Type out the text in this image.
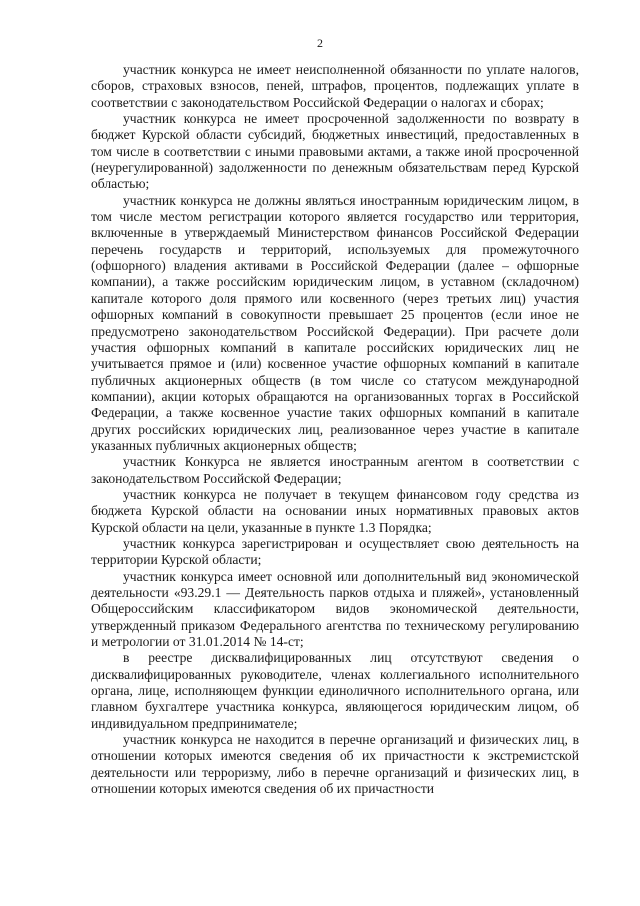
2

участник конкурса не имеет неисполненной обязанности по уплате налогов, сборов, страховых взносов, пеней, штрафов, процентов, подлежащих уплате в соответствии с законодательством Российской Федерации о налогах и сборах;

участник конкурса не имеет просроченной задолженности по возврату в бюджет Курской области субсидий, бюджетных инвестиций, предоставленных в том числе в соответствии с иными правовыми актами, а также иной просроченной (неурегулированной) задолженности по денежным обязательствам перед Курской областью;

участник конкурса не должны являться иностранным юридическим лицом, в том числе местом регистрации которого является государство или территория, включенные в утверждаемый Министерством финансов Российской Федерации перечень государств и территорий, используемых для промежуточного (офшорного) владения активами в Российской Федерации (далее – офшорные компании), а также российским юридическим лицом, в уставном (складочном) капитале которого доля прямого или косвенного (через третьих лиц) участия офшорных компаний в совокупности превышает 25 процентов (если иное не предусмотрено законодательством Российской Федерации). При расчете доли участия офшорных компаний в капитале российских юридических лиц не учитывается прямое и (или) косвенное участие офшорных компаний в капитале публичных акционерных обществ (в том числе со статусом международной компании), акции которых обращаются на организованных торгах в Российской Федерации, а также косвенное участие таких офшорных компаний в капитале других российских юридических лиц, реализованное через участие в капитале указанных публичных акционерных обществ;

участник Конкурса не является иностранным агентом в соответствии с законодательством Российской Федерации;

участник конкурса не получает в текущем финансовом году средства из бюджета Курской области на основании иных нормативных правовых актов Курской области на цели, указанные в пункте 1.3 Порядка;

участник конкурса зарегистрирован и осуществляет свою деятельность на территории Курской области;

участник конкурса имеет основной или дополнительный вид экономической деятельности «93.29.1 — Деятельность парков отдыха и пляжей», установленный Общероссийским классификатором видов экономической деятельности, утвержденный приказом Федерального агентства по техническому регулированию и метрологии от 31.01.2014 № 14-ст;

в реестре дисквалифицированных лиц отсутствуют сведения о дисквалифицированных руководителе, членах коллегиального исполнительного органа, лице, исполняющем функции единоличного исполнительного органа, или главном бухгалтере участника конкурса, являющегося юридическим лицом, об индивидуальном предпринимателе;

участник конкурса не находится в перечне организаций и физических лиц, в отношении которых имеются сведения об их причастности к экстремистской деятельности или терроризму, либо в перечне организаций и физических лиц, в отношении которых имеются сведения об их причастности
